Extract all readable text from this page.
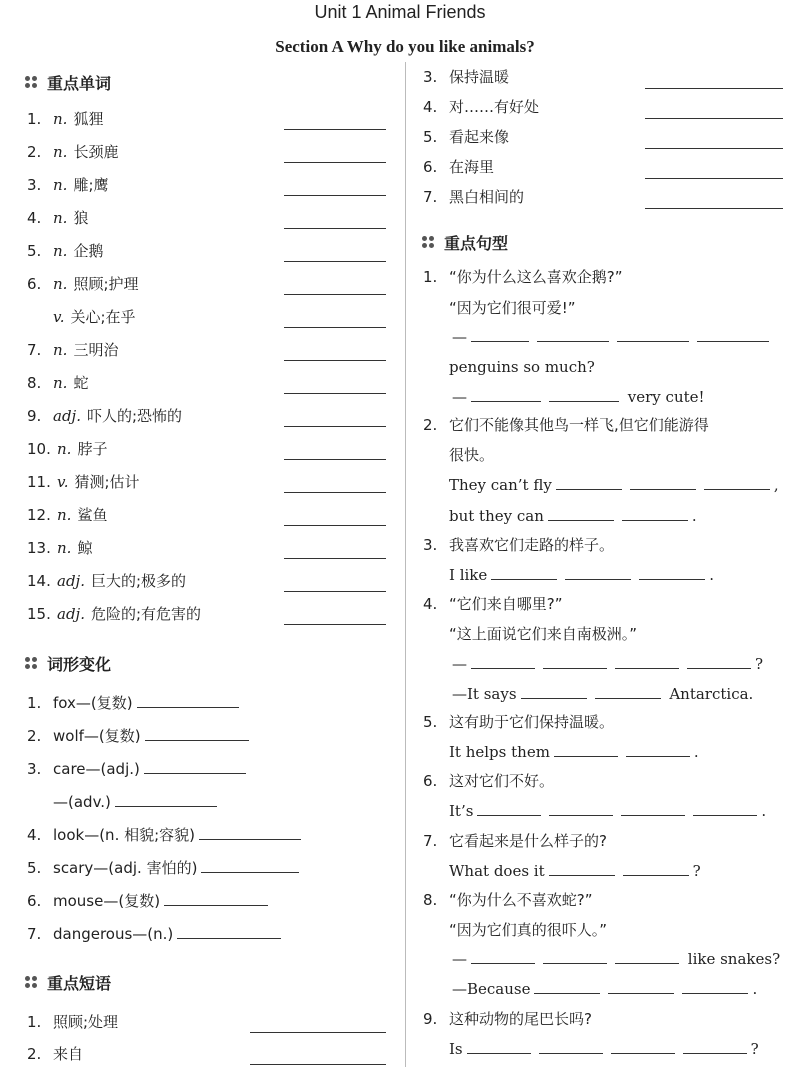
Unit 1 Animal Friends
Section A Why do you like animals?
重点单词
1. n. 狐狸
2. n. 长颈鹿
3. n. 雕;鹰
4. n. 狼
5. n. 企鹅
6. n. 照顾;护理
v. 关心;在乎
7. n. 三明治
8. n. 蛇
9. adj. 吓人的;恐怖的
10. n. 脖子
11. v. 猜测;估计
12. n. 鲨鱼
13. n. 鲸
14. adj. 巨大的;极多的
15. adj. 危险的;有危害的
词形变化
1. fox—(复数)
2. wolf—(复数)
3. care—(adj.)
—(adv.)
4. look—(n. 相貌;容貌)
5. scary—(adj. 害怕的)
6. mouse—(复数)
7. dangerous—(n.)
重点短语
1. 照顾;处理
2. 来自
3. 保持温暖
4. 对……有好处
5. 看起来像
6. 在海里
7. 黑白相间的
重点句型
1. “你为什么这么喜欢企鹅?”
“因为它们很可爱!”
—
penguins so much?
—	very cute!
2. 它们不能像其他鸟一样飞,但它们能游得
很快。
They can’t fly	,
but they can	.
3. 我喜欢它们走路的样子。
I like	.
4. “它们来自哪里?”
“这上面说它们来自南极洲。”
—	?
—It says	Antarctica.
5. 这有助于它们保持温暖。
It helps them	.
6. 这对它们不好。
It’s	.
7. 它看起来是什么样子的?
What does it	?
8. “你为什么不喜欢蛇?”
“因为它们真的很吓人。”
—	like snakes?
—Because	.
9. 这种动物的尾巴长吗?
Is	?
